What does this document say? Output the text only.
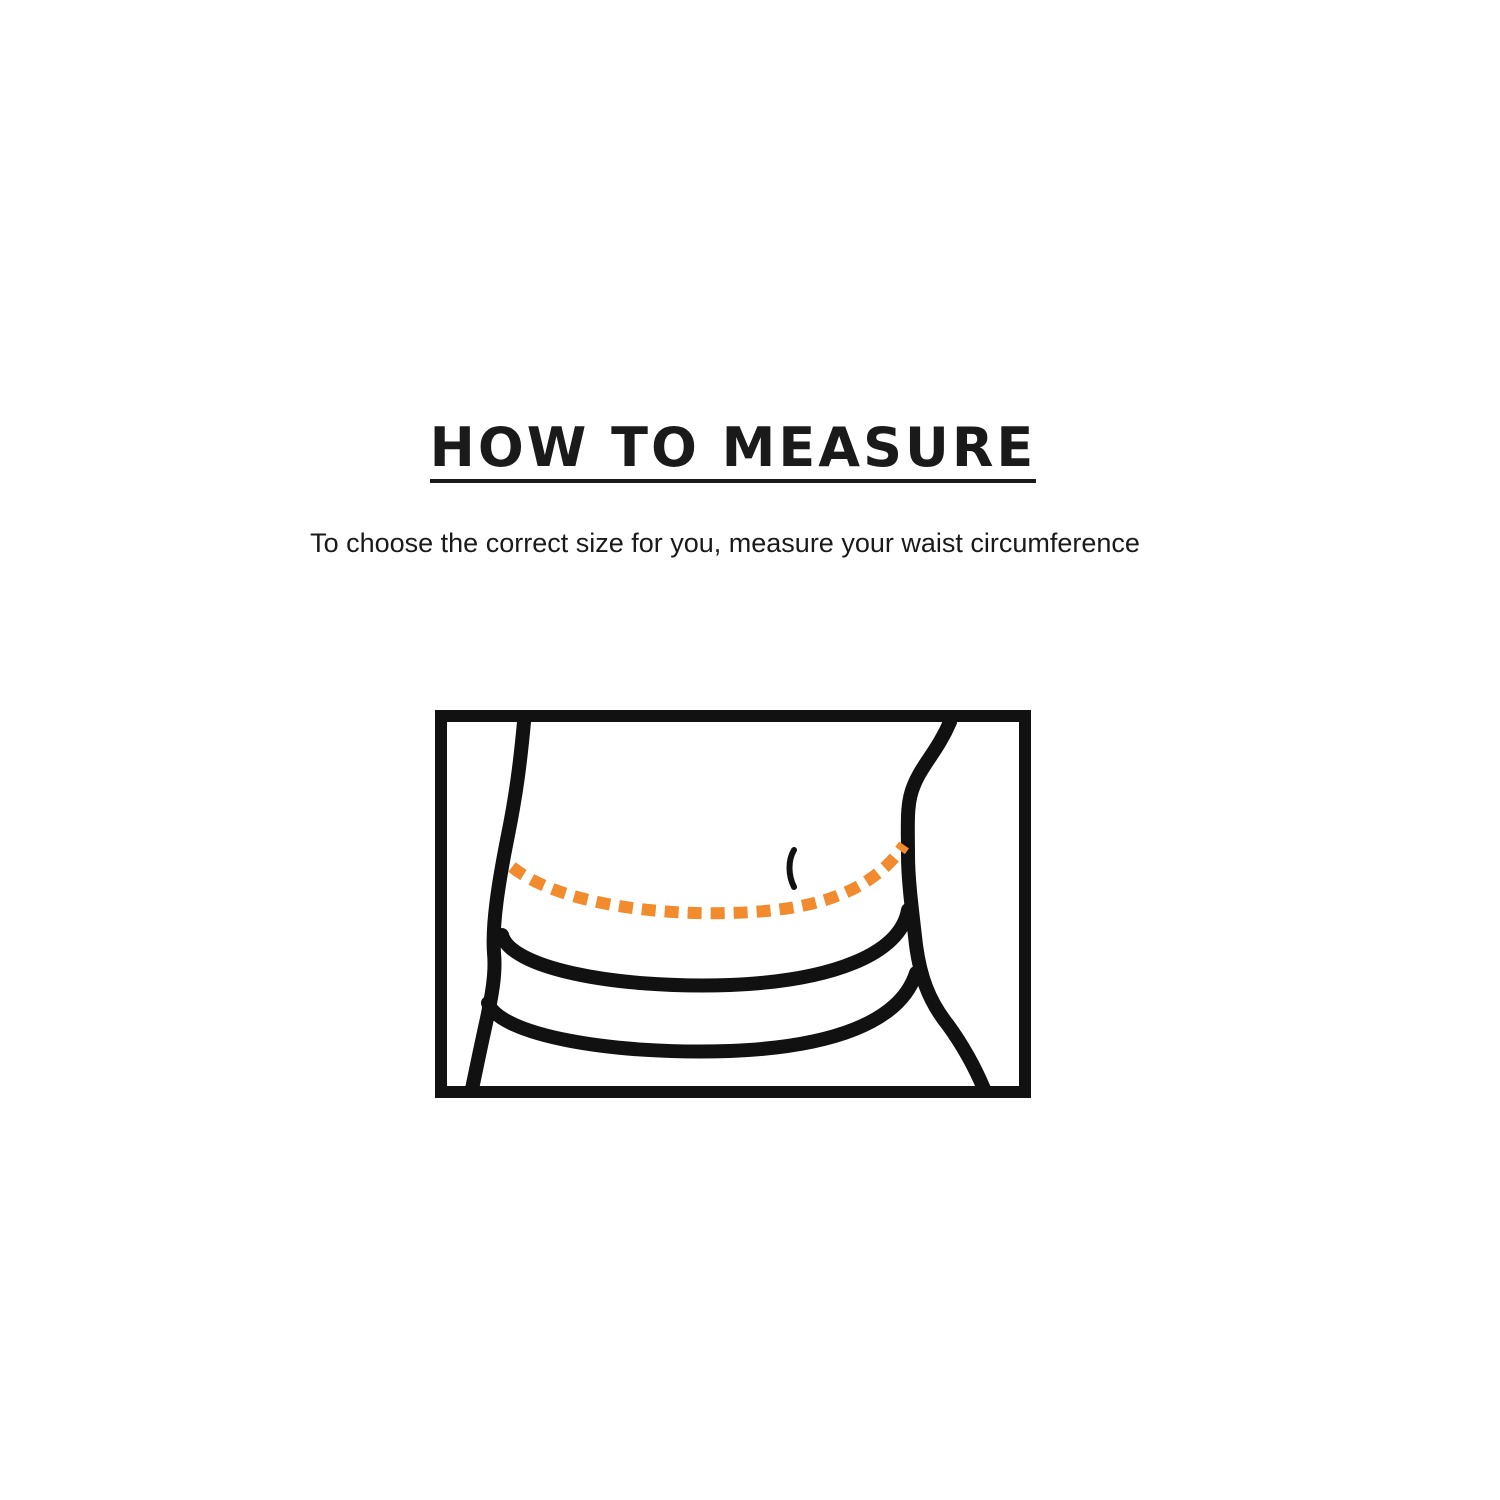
HOW TO MEASURE

To choose the correct size for you, measure your waist circumference
